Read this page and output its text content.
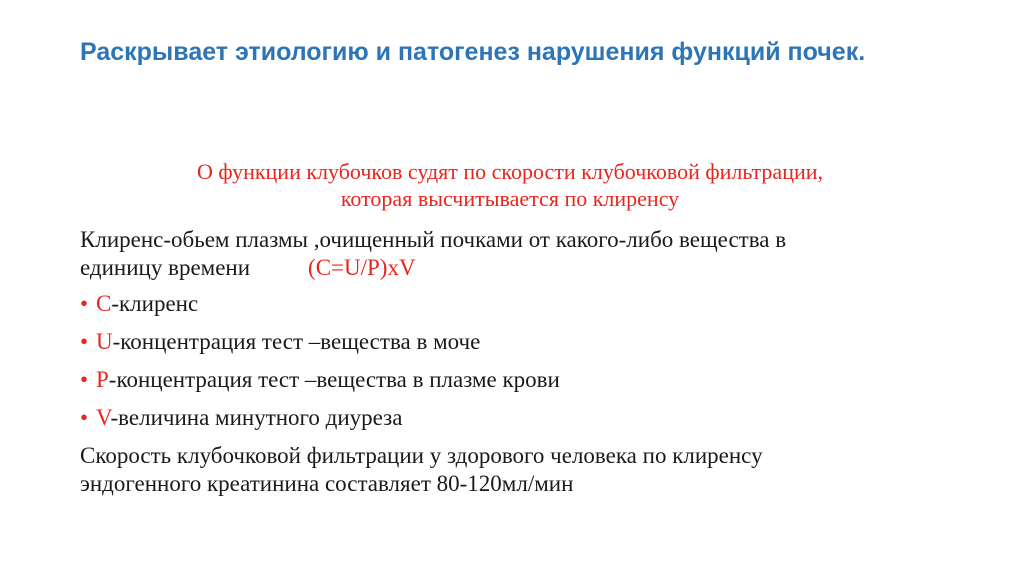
Раскрывает этиологию и патогенез нарушения функций почек.
О функции клубочков судят по скорости клубочковой фильтрации,
которая высчитывается по клиренсу

Клиренс-обьем плазмы ,очищенный почками от какого-либо вещества в
единицу времени	(C=U/P)xV

• C-клиренс
• U-концентрация тест –вещества в моче
• P-концентрация тест –вещества в плазме крови
• V-величина минутного диуреза

Скорость клубочковой фильтрации у здорового человека по клиренсу
эндогенного креатинина составляет 80-120мл/мин
